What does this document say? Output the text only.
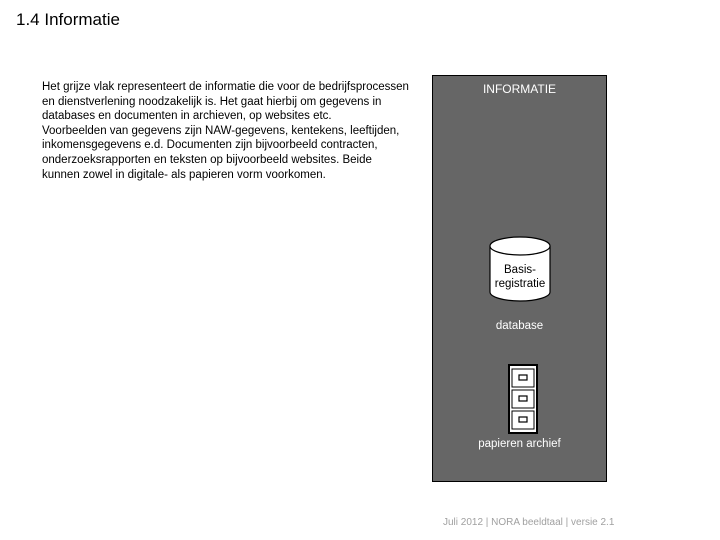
1.4 Informatie

Het grijze vlak representeert de informatie die voor de bedrijfsprocessen en dienstverlening noodzakelijk is. Het gaat hierbij om gegevens in databases en documenten in archieven, op websites etc.

Voorbeelden van gegevens zijn NAW-gegevens, kentekens, leeftijden, inkomensgegevens e.d. Documenten zijn bijvoorbeeld contracten, onderzoeksrapporten en teksten op bijvoorbeeld websites. Beide kunnen zowel in digitale- als papieren vorm voorkomen.

INFORMATIE
Basis-
registratie
database
papieren archief
Juli 2012 | NORA beeldtaal | versie 2.1
